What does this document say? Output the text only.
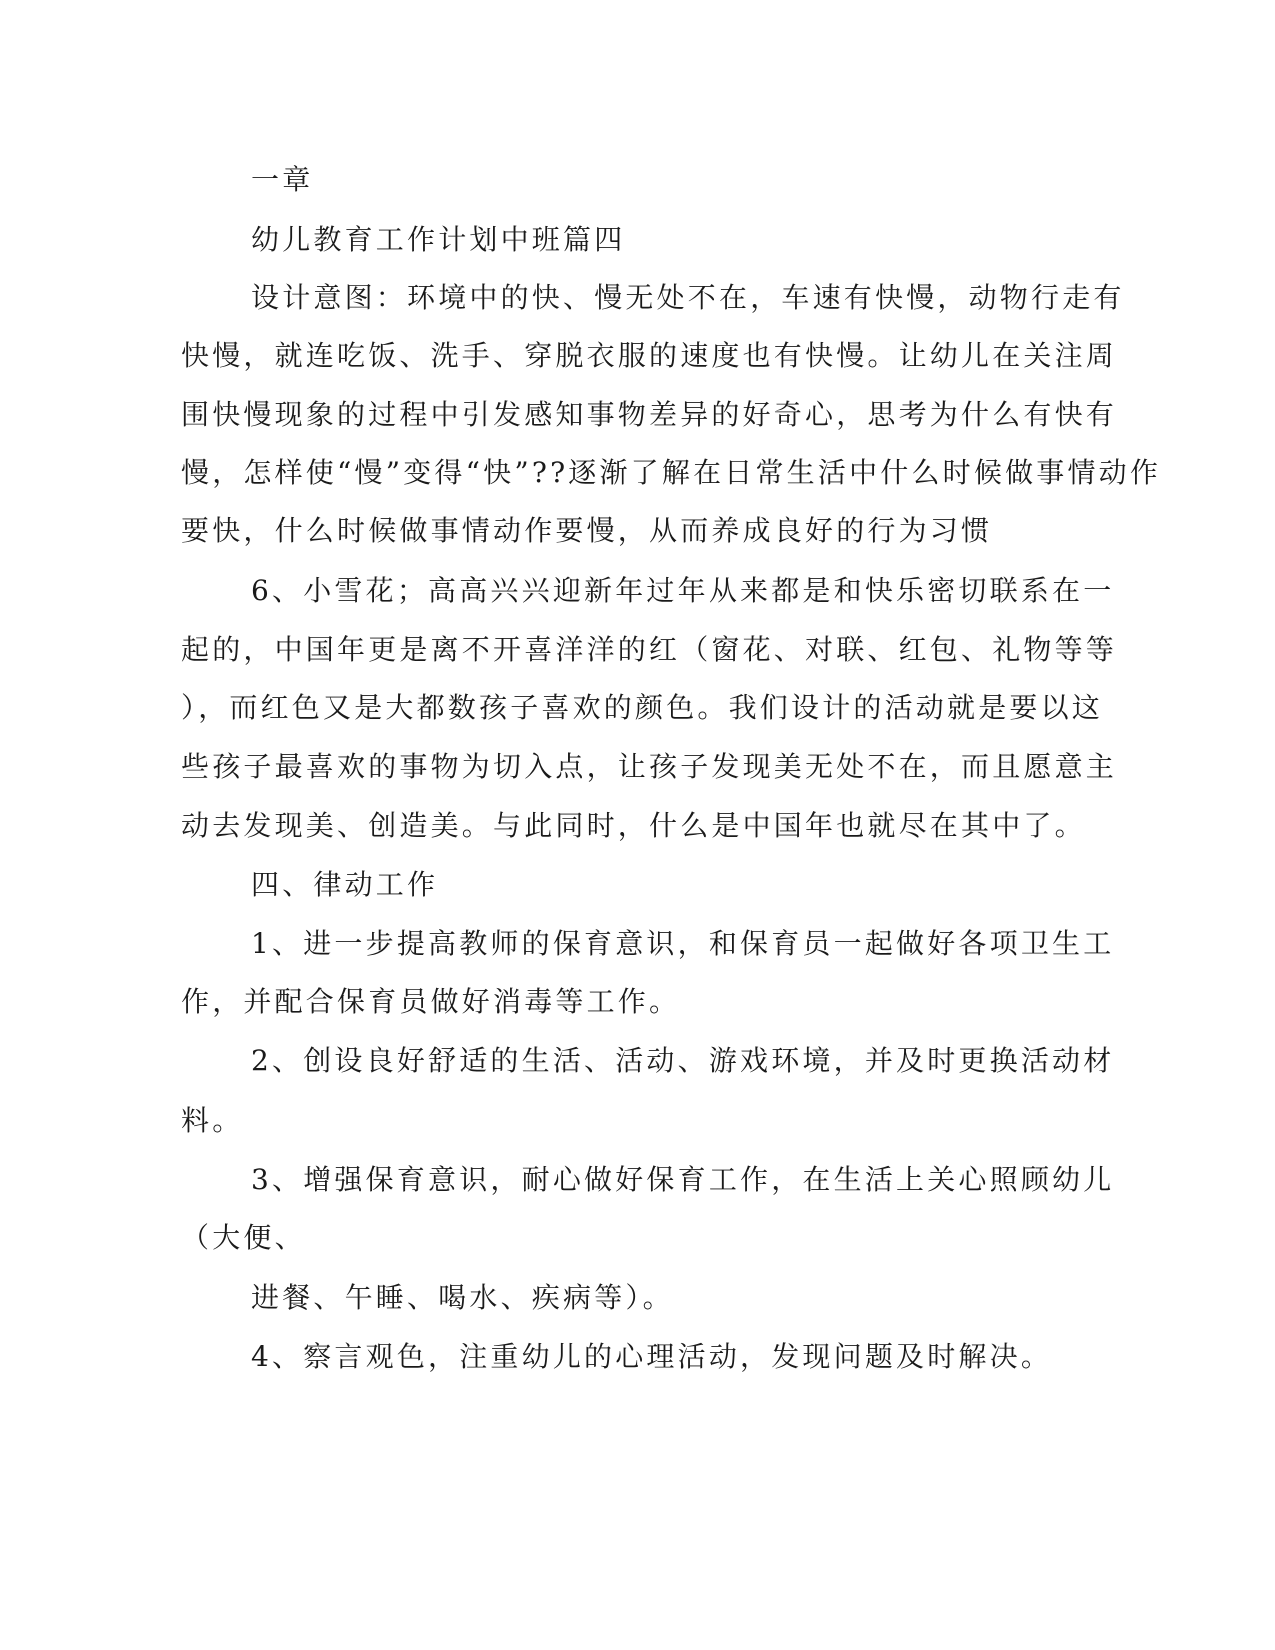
一章
幼儿教育工作计划中班篇四
设计意图：环境中的快、慢无处不在，车速有快慢，动物行走有
快慢，就连吃饭、洗手、穿脱衣服的速度也有快慢。让幼儿在关注周
围快慢现象的过程中引发感知事物差异的好奇心，思考为什么有快有
慢，怎样使“慢”变得“快”??逐渐了解在日常生活中什么时候做事情动作
要快，什么时候做事情动作要慢，从而养成良好的行为习惯
6、小雪花；高高兴兴迎新年过年从来都是和快乐密切联系在一
起的，中国年更是离不开喜洋洋的红（窗花、对联、红包、礼物等等
），而红色又是大都数孩子喜欢的颜色。我们设计的活动就是要以这
些孩子最喜欢的事物为切入点，让孩子发现美无处不在，而且愿意主
动去发现美、创造美。与此同时，什么是中国年也就尽在其中了。
四、律动工作
1、进一步提高教师的保育意识，和保育员一起做好各项卫生工
作，并配合保育员做好消毒等工作。
2、创设良好舒适的生活、活动、游戏环境，并及时更换活动材
料。
3、增强保育意识，耐心做好保育工作，在生活上关心照顾幼儿
（大便、
进餐、午睡、喝水、疾病等）。
4、察言观色，注重幼儿的心理活动，发现问题及时解决。
